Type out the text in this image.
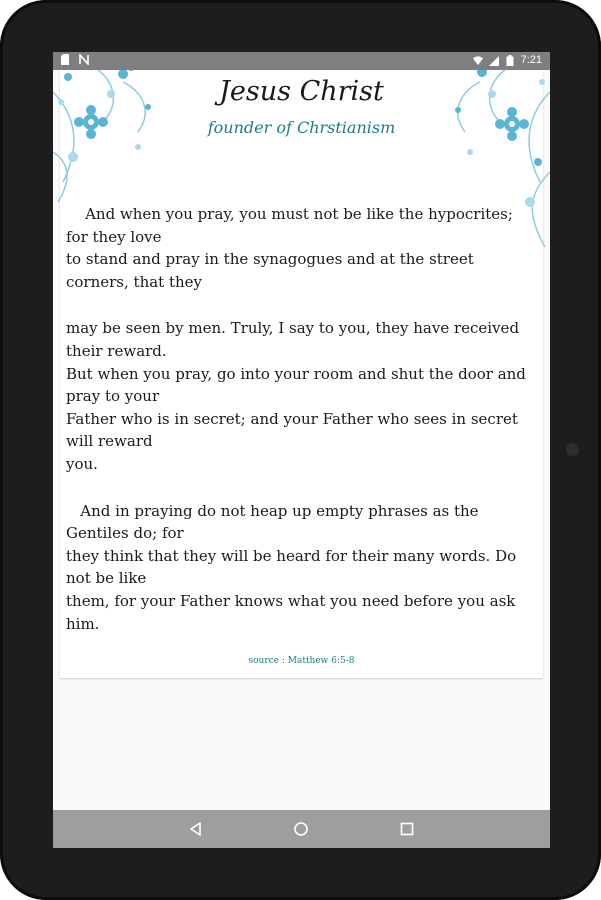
7:21
Jesus Christ
founder of Chrstianism

And when you pray, you must not be like the hypocrites; for they love

to stand and pray in the synagogues and at the street corners, that they

may be seen by men. Truly, I say to you, they have received their reward.

But when you pray, go into your room and shut the door and pray to your

Father who is in secret; and your Father who sees in secret will reward

you.

And in praying do not heap up empty phrases as the Gentiles do; for

they think that they will be heard for their many words. Do not be like

them, for your Father knows what you need before you ask him.

source : Matthew 6:5-8
